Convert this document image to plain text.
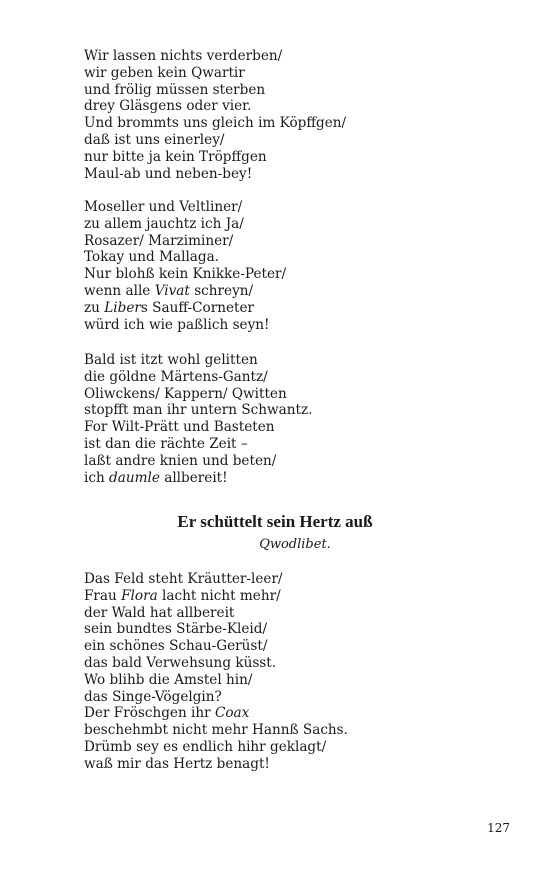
Wir lassen nichts verderben/
wir geben kein Qwartir
und frölig müssen sterben
drey Gläsgens oder vier.
Und brommts uns gleich im Köpffgen/
daß ist uns einerley/
nur bitte ja kein Tröpffgen
Maul-ab und neben-bey!
Moseller und Veltliner/
zu allem jauchtz ich Ja/
Rosazer/ Marziminer/
Tokay und Mallaga.
Nur blohß kein Knikke-Peter/
wenn alle Vivat schreyn/
zu Libers Sauff-Corneter
würd ich wie paßlich seyn!
Bald ist itzt wohl gelitten
die göldne Märtens-Gantz/
Oliwckens/ Kappern/ Qwitten
stopfft man ihr untern Schwantz.
For Wilt-Prätt und Basteten
ist dan die rächte Zeit –
laßt andre knien und beten/
ich daumle allbereit!
Er schüttelt sein Hertz auß
Qwodlibet.
Das Feld steht Kräutter-leer/
Frau Flora lacht nicht mehr/
der Wald hat allbereit
sein bundtes Stärbe-Kleid/
ein schönes Schau-Gerüst/
das bald Verwehsung küsst.
Wo blihb die Amstel hin/
das Singe-Vögelgin?
Der Fröschgen ihr Coax
beschehmbt nicht mehr Hannß Sachs.
Drümb sey es endlich hihr geklagt/
waß mir das Hertz benagt!
127
